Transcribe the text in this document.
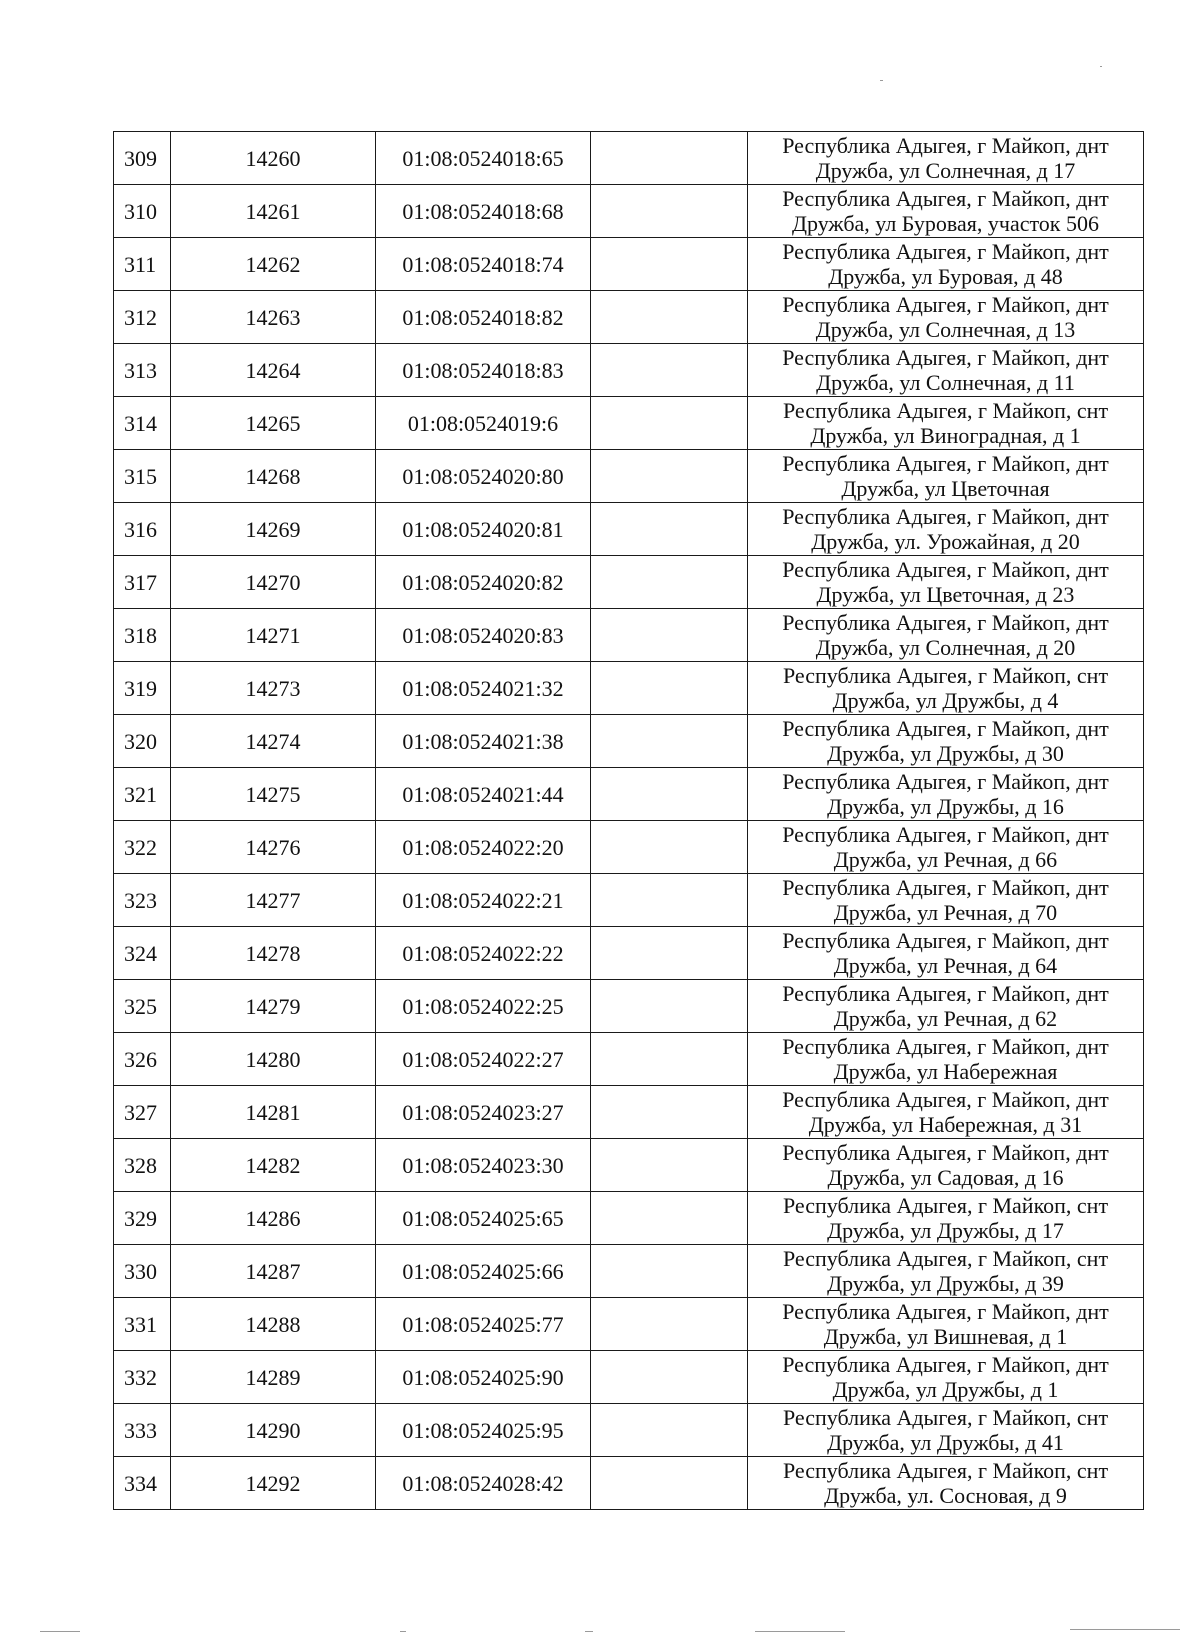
309	14260	01:08:0524018:65		Республика Адыгея, г Майкоп, днт
Дружба, ул Солнечная, д 17

310	14261	01:08:0524018:68		Республика Адыгея, г Майкоп, днт
Дружба, ул Буровая, участок 506

311	14262	01:08:0524018:74		Республика Адыгея, г Майкоп, днт
Дружба, ул Буровая, д 48

312	14263	01:08:0524018:82		Республика Адыгея, г Майкоп, днт
Дружба, ул Солнечная, д 13

313	14264	01:08:0524018:83		Республика Адыгея, г Майкоп, днт
Дружба, ул Солнечная, д 11

314	14265	01:08:0524019:6		Республика Адыгея, г Майкоп, снт
Дружба, ул Виноградная, д 1

315	14268	01:08:0524020:80		Республика Адыгея, г Майкоп, днт
Дружба, ул Цветочная

316	14269	01:08:0524020:81		Республика Адыгея, г Майкоп, днт
Дружба, ул. Урожайная, д 20

317	14270	01:08:0524020:82		Республика Адыгея, г Майкоп, днт
Дружба, ул Цветочная, д 23

318	14271	01:08:0524020:83		Республика Адыгея, г Майкоп, днт
Дружба, ул Солнечная, д 20

319	14273	01:08:0524021:32		Республика Адыгея, г Майкоп, снт
Дружба, ул Дружбы, д 4

320	14274	01:08:0524021:38		Республика Адыгея, г Майкоп, днт
Дружба, ул Дружбы, д 30

321	14275	01:08:0524021:44		Республика Адыгея, г Майкоп, днт
Дружба, ул Дружбы, д 16

322	14276	01:08:0524022:20		Республика Адыгея, г Майкоп, днт
Дружба, ул Речная, д 66

323	14277	01:08:0524022:21		Республика Адыгея, г Майкоп, днт
Дружба, ул Речная, д 70

324	14278	01:08:0524022:22		Республика Адыгея, г Майкоп, днт
Дружба, ул Речная, д 64

325	14279	01:08:0524022:25		Республика Адыгея, г Майкоп, днт
Дружба, ул Речная, д 62

326	14280	01:08:0524022:27		Республика Адыгея, г Майкоп, днт
Дружба, ул Набережная

327	14281	01:08:0524023:27		Республика Адыгея, г Майкоп, днт
Дружба, ул Набережная, д 31

328	14282	01:08:0524023:30		Республика Адыгея, г Майкоп, днт
Дружба, ул Садовая, д 16

329	14286	01:08:0524025:65		Республика Адыгея, г Майкоп, снт
Дружба, ул Дружбы, д 17

330	14287	01:08:0524025:66		Республика Адыгея, г Майкоп, снт
Дружба, ул Дружбы, д 39

331	14288	01:08:0524025:77		Республика Адыгея, г Майкоп, днт
Дружба, ул Вишневая, д 1

332	14289	01:08:0524025:90		Республика Адыгея, г Майкоп, днт
Дружба, ул Дружбы, д 1

333	14290	01:08:0524025:95		Республика Адыгея, г Майкоп, снт
Дружба, ул Дружбы, д 41

334	14292	01:08:0524028:42		Республика Адыгея, г Майкоп, снт
Дружба, ул. Сосновая, д 9
